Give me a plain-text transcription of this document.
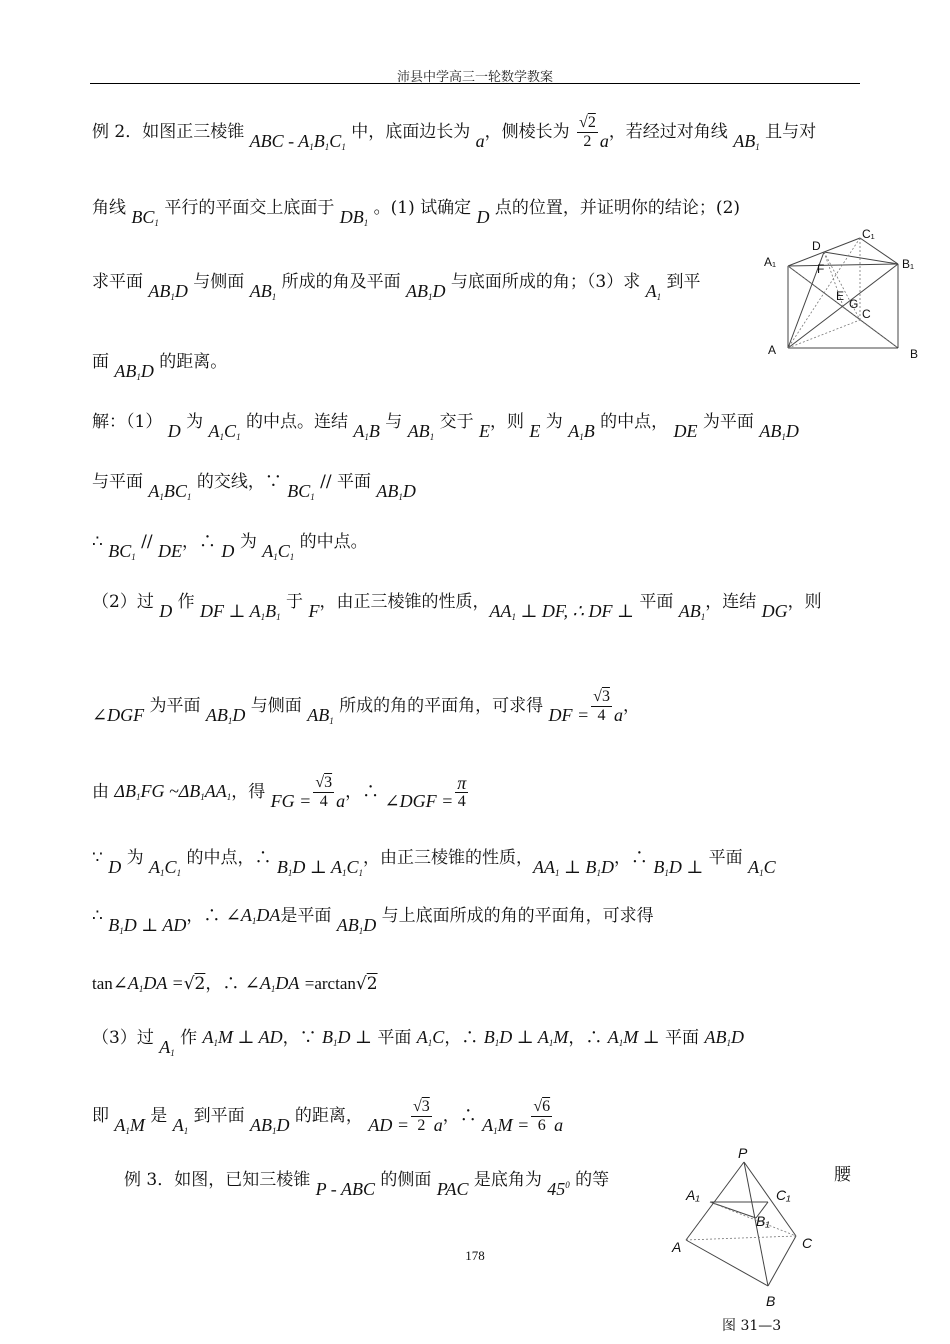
沛县中学高三一轮数学教案
例 2．如图正三棱锥 ABC - $A_1B_1C_1$ 中，底面边长为 a，侧棱长为 $\frac{√2}{2}$ a，若经过对角线 $AB_1$ 且与对
角线 $BC_1$ 平行的平面交上底面于 $DB_1$ 。(1) 试确定 D 点的位置，并证明你的结论；(2)
求平面 $AB_1D$ 与侧面 $AB_1$ 所成的角及平面 $AB_1D$ 与底面所成的角；（3）求 $A_1$ 到平
面 $AB_1D$ 的距离。
解：（1） D 为 $A_1C_1$ 的中点。连结 $A_1B$ 与 $AB_1$ 交于 E，则 E 为 $A_1B$ 的中点， DE 为平面 $AB_1D$
与平面 $A_1BC_1$ 的交线，∵ $BC_1$ // 平面 $AB_1D$
∴ $BC_1$ // DE，∴ D 为 $A_1C_1$ 的中点。
（2）过 D 作 DF ⊥ $A_1B_1$ 于 F，由正三棱锥的性质，$AA_1$ ⊥ DF, ∴ DF ⊥ 平面 $AB_1$，连结 DG，则
∠DGF 为平面 $AB_1D$ 与侧面 $AB_1$ 所成的角的平面角，可求得 DF = $\frac{√3}{4}$ a，
由 $\Delta B_1FG$ $\sim\Delta B_1AA_1$，得 FG = $\frac{√3}{4}$ a，∴ ∠DGF = $\frac{\pi}{4}$
∵ D 为 $A_1C_1$ 的中点，∴ $B_1D$ ⊥ $A_1C_1$，由正三棱锥的性质，$AA_1$ ⊥ $B_1D$，∴ $B_1D$ ⊥ 平面 $A_1C$
∴ $B_1D$ ⊥ AD，∴ $\angle A_1DA$是平面 $AB_1D$ 与上底面所成的角的平面角，可求得
$\tan\angle A_1DA =√2$，∴ $\angle A_1DA =\arctan√2$
（3）过 $A_1$ 作 $A_1M$ ⊥ AD，∵ $B_1D$ ⊥ 平面 $A_1C$，∴ $B_1D$ ⊥ $A_1M$，∴ $A_1M$ ⊥ 平面 $AB_1D$
即 $A_1M$ 是 $A_1$ 到平面 $AB_1D$ 的距离， AD = $\frac{√3}{2}$ a，∴ $A_1M = \frac{√6}{6}$ a
例 3．如图，已知三棱锥 P - ABC 的侧面 PAC 是底角为 $45^0$ 的等	腰
178
A₁
D
C₁
F	B₁
E
G
C
A	B
P
A₁	C₁
B₁
A	C
B
图 31—3
